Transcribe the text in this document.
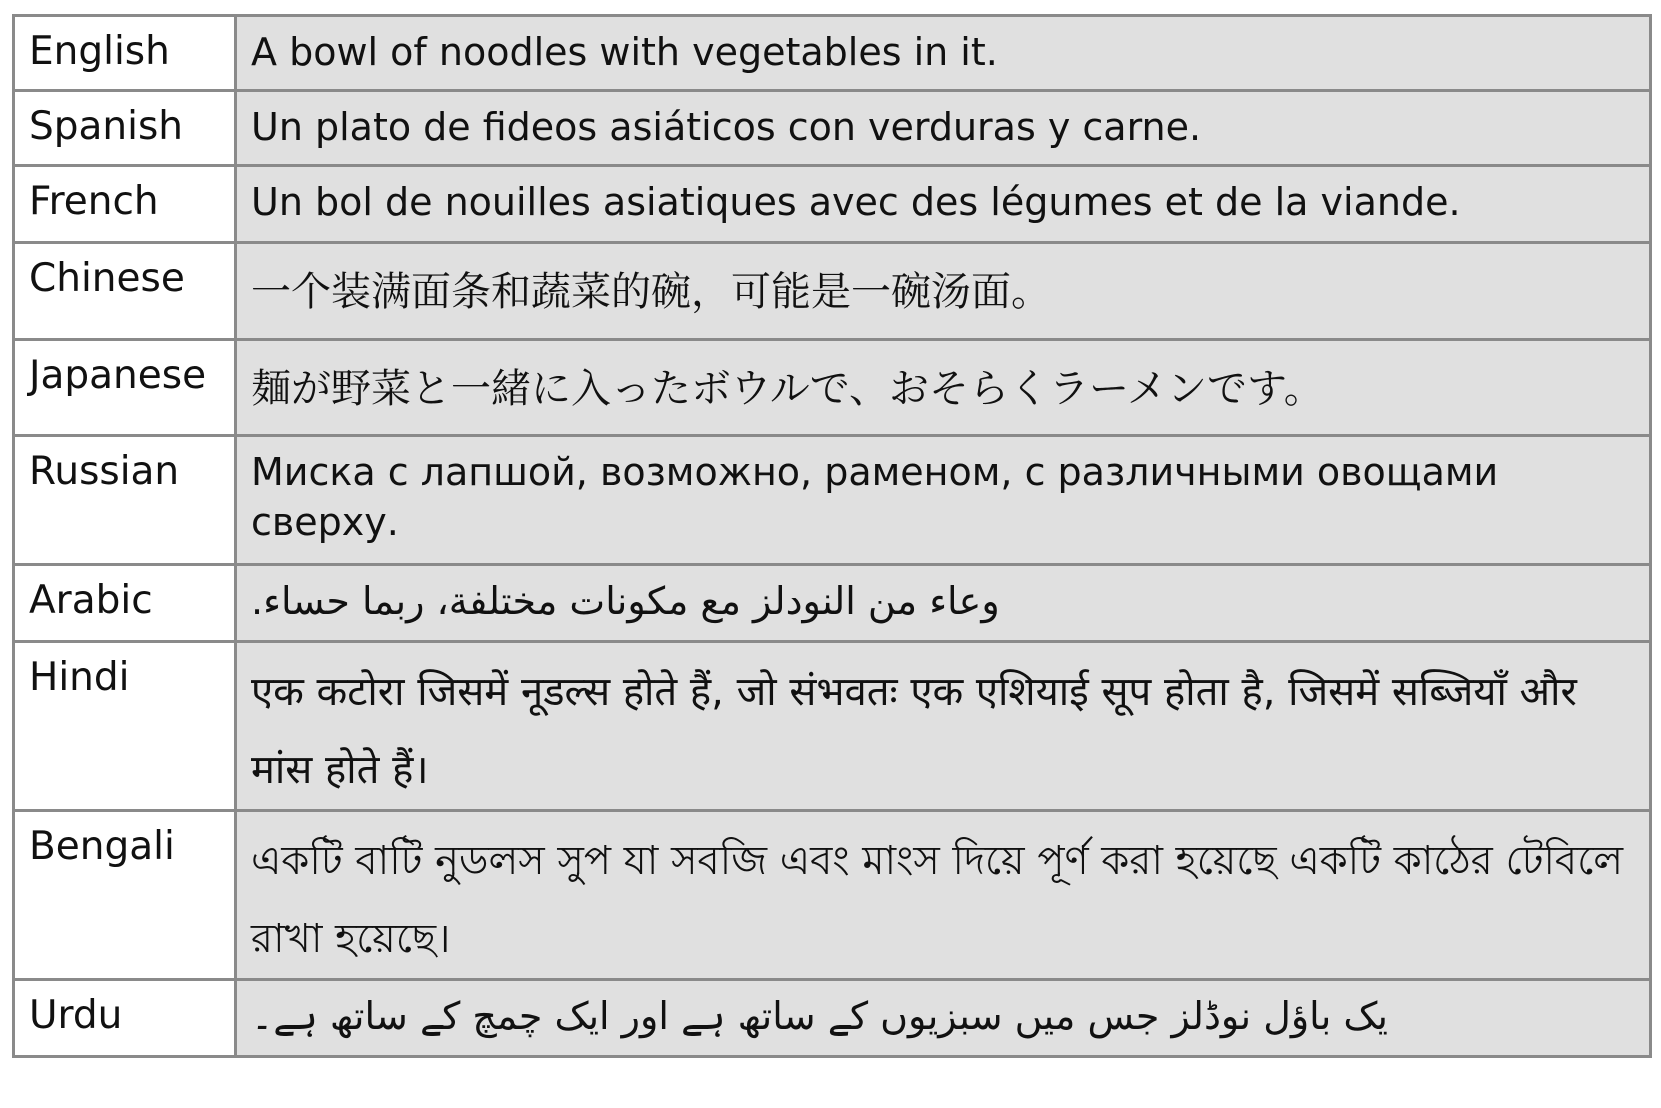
English	A bowl of noodles with vegetables in it.

Spanish	Un plato de fideos asiáticos con verduras y carne.

French	Un bol de nouilles asiatiques avec des légumes et de la viande.

Chinese	一个装满面条和蔬菜的碗，可能是一碗汤面。

Japanese	麺が野菜と一緒に入ったボウルで、おそらくラーメンです。

Russian	Миска с лапшой, возможно, раменом, с различными овощами сверху.

Arabic	وعاء من النودلز مع مكونات مختلفة، ربما حساء.

Hindi	एक कटोरा जिसमें नूडल्स होते हैं, जो संभवतः एक एशियाई सूप होता है, जिसमें सब्जियाँ और मांस होते हैं।

Bengali	একটি বাটি নুডলস সুপ যা সবজি এবং মাংস দিয়ে পূর্ণ করা হয়েছে একটি কাঠের টেবিলে রাখা হয়েছে।

Urdu	یک باؤل نوڈلز جس میں سبزیوں کے ساتھ ہے اور ایک چمچ کے ساتھ ہے۔
